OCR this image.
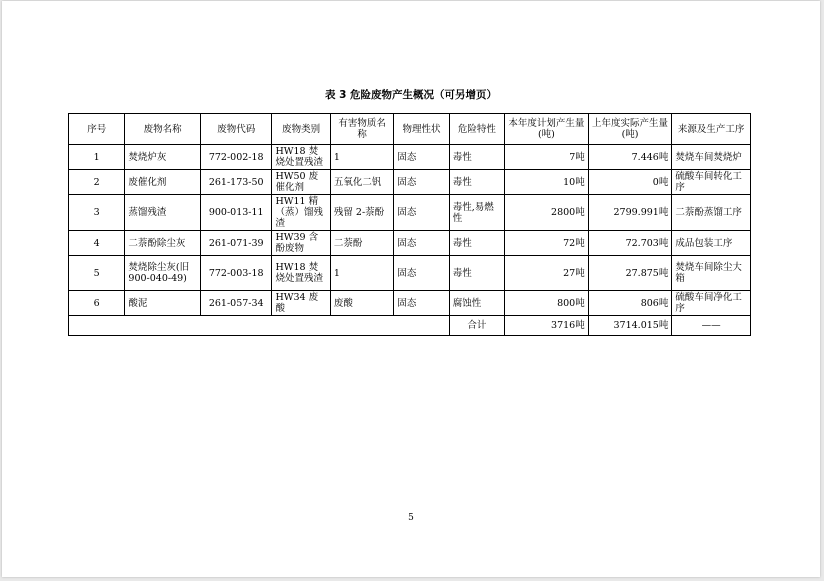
表 3 危险废物产生概况（可另增页）
序号	废物名称	废物代码	废物类别	有害物质名称	物理性状	危险特性	本年度计划产生量(吨)	上年度实际产生量(吨)	来源及生产工序
1	焚烧炉灰	772-002-18	HW18 焚烧处置残渣	1	固态	毒性	7吨	7.446吨	焚烧车间焚烧炉
2	废催化剂	261-173-50	HW50 废催化剂	五氧化二钒	固态	毒性	10吨	0吨	硫酸车间转化工序
3	蒸馏残渣	900-013-11	HW11 精（蒸）馏残渣	残留 2-萘酚	固态	毒性,易燃性	2800吨	2799.991吨	二萘酚蒸馏工序
4	二萘酚除尘灰	261-071-39	HW39 含酚废物	二萘酚	固态	毒性	72吨	72.703吨	成品包装工序
5	焚烧除尘灰(旧 900-040-49)	772-003-18	HW18 焚烧处置残渣	1	固态	毒性	27吨	27.875吨	焚烧车间除尘大箱
6	酸泥	261-057-34	HW34 废酸	废酸	固态	腐蚀性	800吨	806吨	硫酸车间净化工序
						合计	3716吨	3714.015吨	——
5
